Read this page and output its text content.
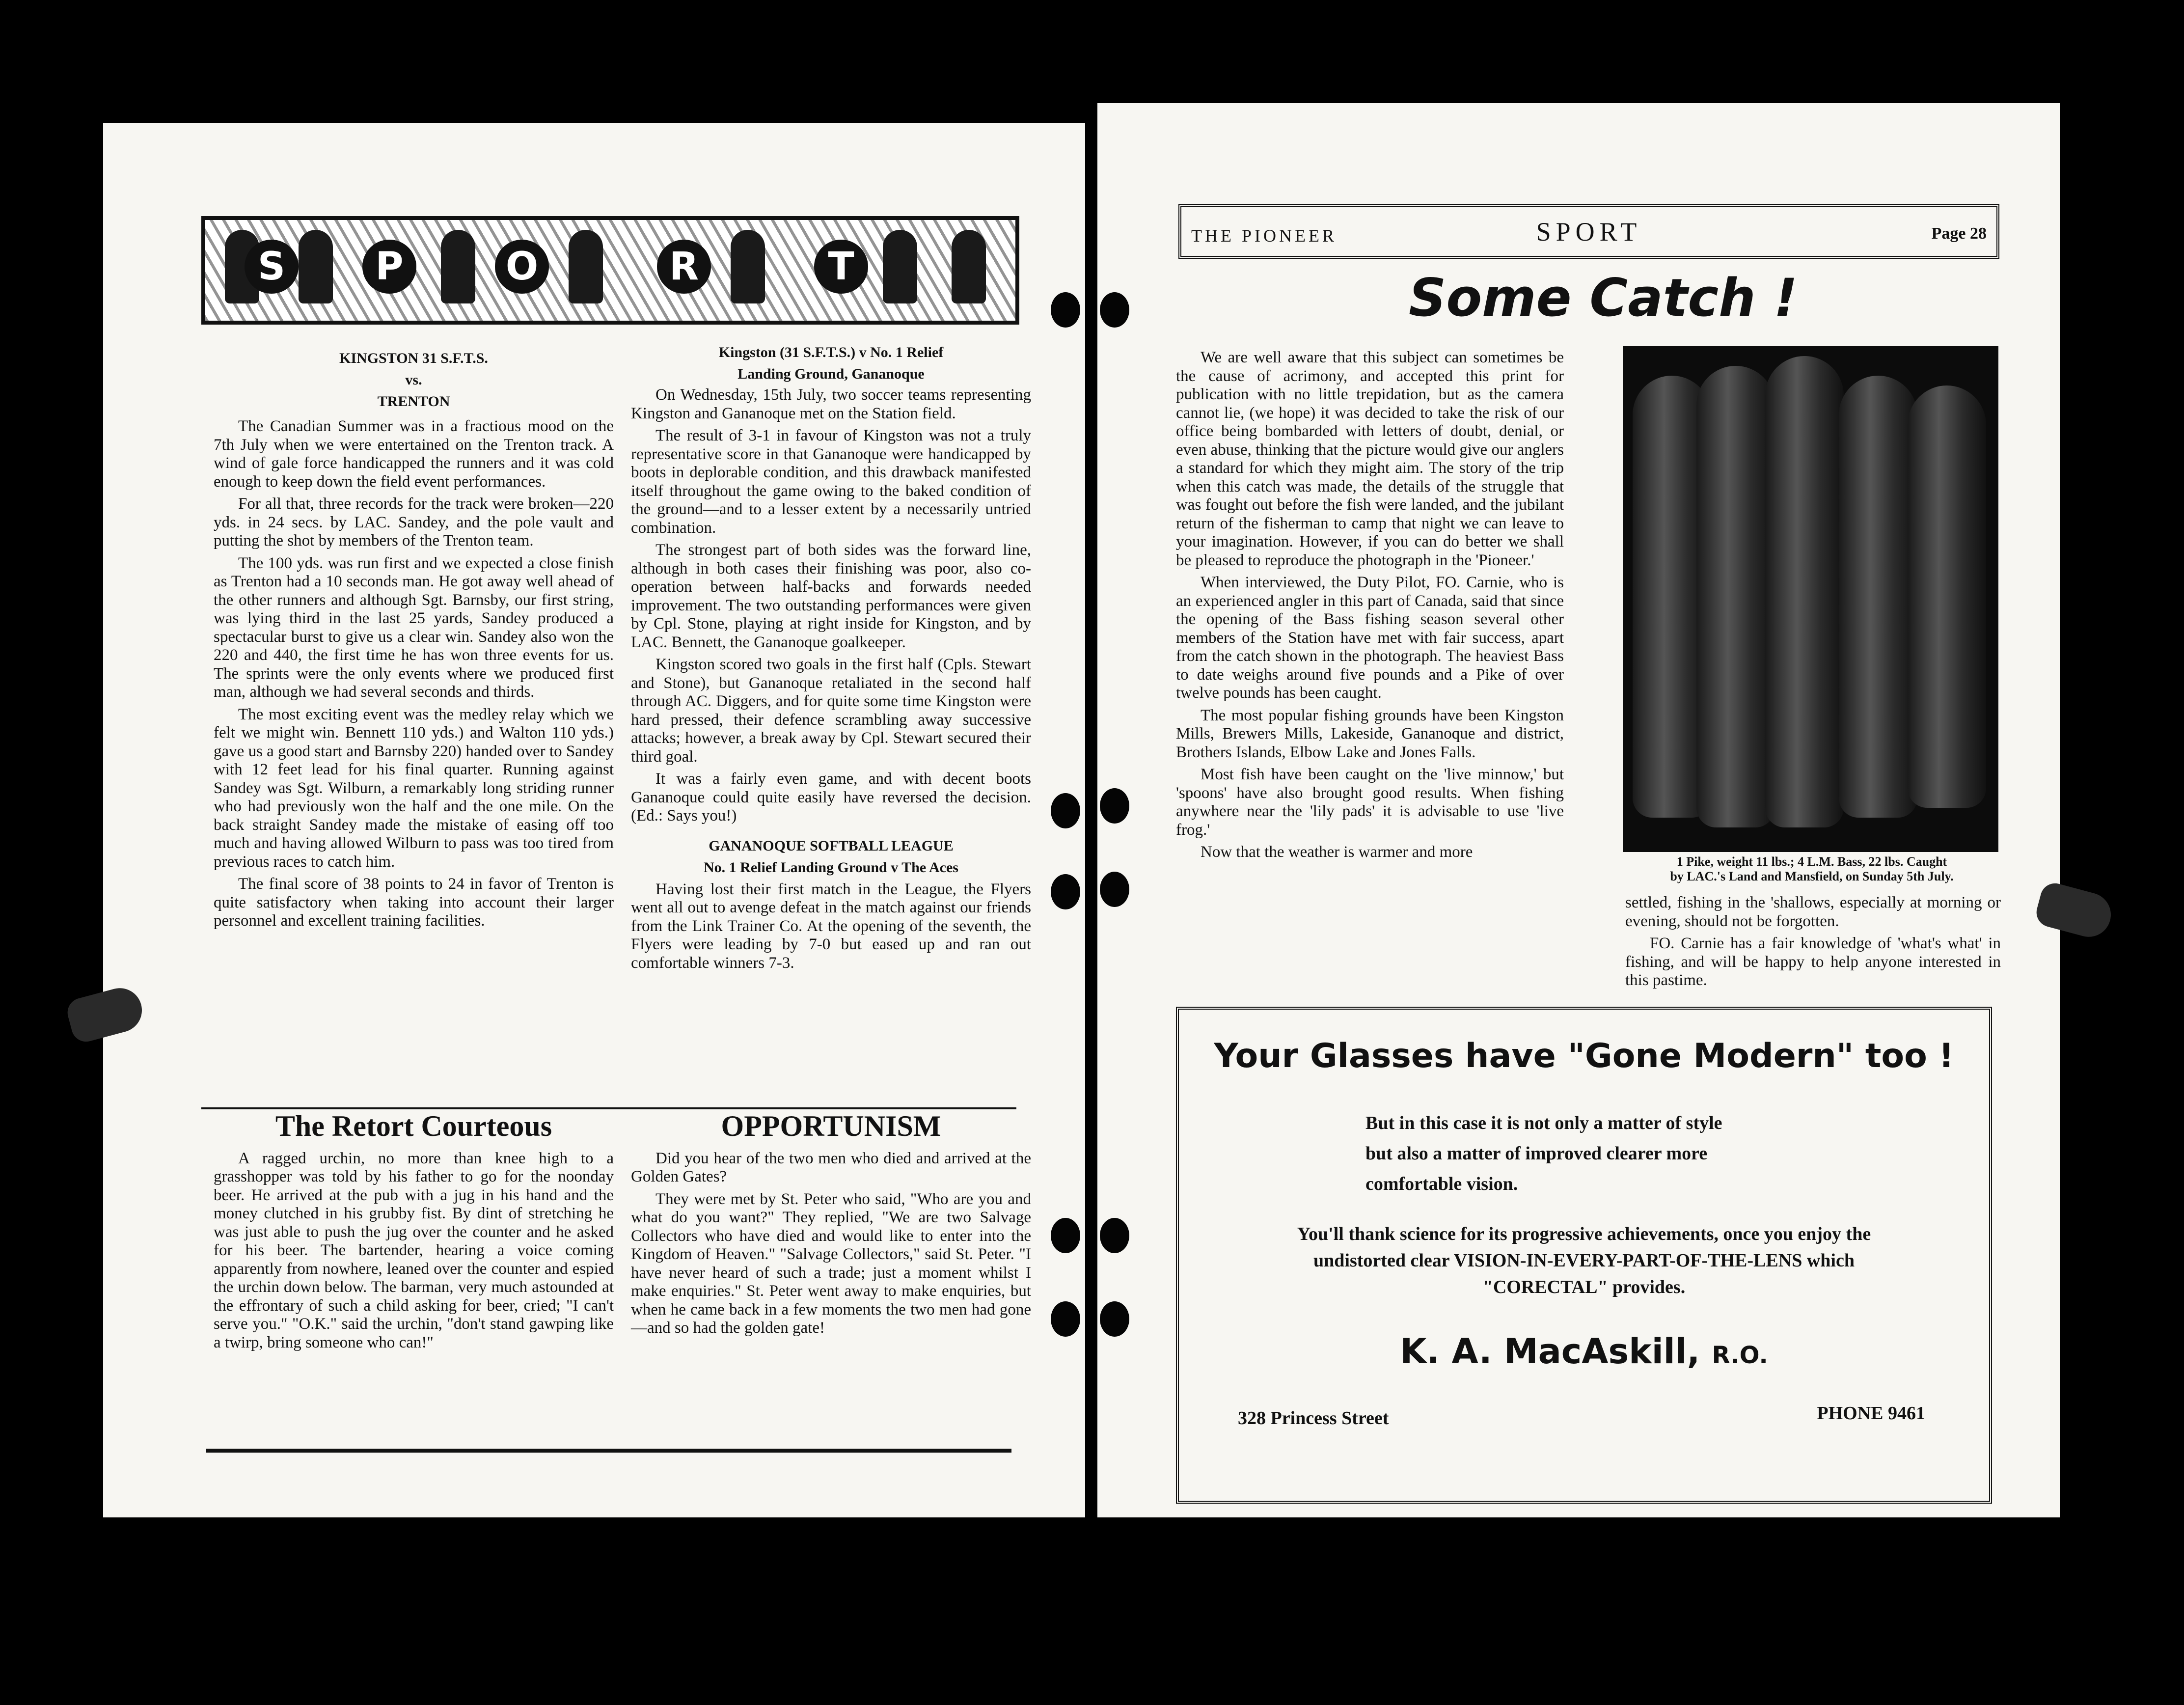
S	P	O	R	T

KINGSTON 31 S.F.T.S.

vs.

TRENTON

The Canadian Summer was in a fractious mood on the 7th July when we were entertained on the Trenton track. A wind of gale force handicapped the runners and it was cold enough to keep down the field event performances.

For all that, three records for the track were broken—220 yds. in 24 secs. by LAC. Sandey, and the pole vault and putting the shot by members of the Trenton team.

The 100 yds. was run first and we expected a close finish as Trenton had a 10 seconds man. He got away well ahead of the other runners and although Sgt. Barnsby, our first string, was lying third in the last 25 yards, Sandey produced a spectacular burst to give us a clear win. Sandey also won the 220 and 440, the first time he has won three events for us. The sprints were the only events where we produced first man, although we had several seconds and thirds.

The most exciting event was the medley relay which we felt we might win. Bennett 110 yds.) and Walton 110 yds.) gave us a good start and Barnsby 220) handed over to Sandey with 12 feet lead for his final quarter. Running against Sandey was Sgt. Wilburn, a remarkably long striding runner who had previously won the half and the one mile. On the back straight Sandey made the mistake of easing off too much and having allowed Wilburn to pass was too tired from previous races to catch him.

The final score of 38 points to 24 in favor of Trenton is quite satisfactory when taking into account their larger personnel and excellent training facilities.

Kingston (31 S.F.T.S.) v No. 1 Relief

Landing Ground, Gananoque

On Wednesday, 15th July, two soccer teams representing Kingston and Gananoque met on the Station field.

The result of 3-1 in favour of Kingston was not a truly representative score in that Gananoque were handicapped by boots in deplorable condition, and this drawback manifested itself throughout the game owing to the baked condition of the ground—and to a lesser extent by a necessarily untried combination.

The strongest part of both sides was the forward line, although in both cases their finishing was poor, also co-operation between half-backs and forwards needed improvement. The two outstanding performances were given by Cpl. Stone, playing at right inside for Kingston, and by LAC. Bennett, the Gananoque goalkeeper.

Kingston scored two goals in the first half (Cpls. Stewart and Stone), but Gananoque retaliated in the second half through AC. Diggers, and for quite some time Kingston were hard pressed, their defence scrambling away successive attacks; however, a break away by Cpl. Stewart secured their third goal.

It was a fairly even game, and with decent boots Gananoque could quite easily have reversed the decision. (Ed.: Says you!)

GANANOQUE SOFTBALL LEAGUE

No. 1 Relief Landing Ground v The Aces

Having lost their first match in the League, the Flyers went all out to avenge defeat in the match against our friends from the Link Trainer Co. At the opening of the seventh, the Flyers were leading by 7-0 but eased up and ran out comfortable winners 7-3.

The Retort Courteous

A ragged urchin, no more than knee high to a grasshopper was told by his father to go for the noonday beer. He arrived at the pub with a jug in his hand and the money clutched in his grubby fist. By dint of stretching he was just able to push the jug over the counter and he asked for his beer. The bartender, hearing a voice coming apparently from nowhere, leaned over the counter and espied the urchin down below. The barman, very much astounded at the effrontary of such a child asking for beer, cried; "I can't serve you." "O.K." said the urchin, "don't stand gawping like a twirp, bring someone who can!"

OPPORTUNISM

Did you hear of the two men who died and arrived at the Golden Gates?

They were met by St. Peter who said, "Who are you and what do you want?" They replied, "We are two Salvage Collectors who have died and would like to enter into the Kingdom of Heaven." "Salvage Collectors," said St. Peter. "I have never heard of such a trade; just a moment whilst I make enquiries." St. Peter went away to make enquiries, but when he came back in a few moments the two men had gone—and so had the golden gate!

THE PIONEER	SPORT	Page 28
Some Catch !

We are well aware that this subject can sometimes be the cause of acrimony, and accepted this print for publication with no little trepidation, but as the camera cannot lie, (we hope) it was decided to take the risk of our office being bombarded with letters of doubt, denial, or even abuse, thinking that the picture would give our anglers a standard for which they might aim. The story of the trip when this catch was made, the details of the struggle that was fought out before the fish were landed, and the jubilant return of the fisherman to camp that night we can leave to your imagination. However, if you can do better we shall be pleased to reproduce the photograph in the 'Pioneer.'

When interviewed, the Duty Pilot, FO. Carnie, who is an experienced angler in this part of Canada, said that since the opening of the Bass fishing season several other members of the Station have met with fair success, apart from the catch shown in the photograph. The heaviest Bass to date weighs around five pounds and a Pike of over twelve pounds has been caught.

The most popular fishing grounds have been Kingston Mills, Brewers Mills, Lakeside, Gananoque and district, Brothers Islands, Elbow Lake and Jones Falls.

Most fish have been caught on the 'live minnow,' but 'spoons' have also brought good results. When fishing anywhere near the 'lily pads' it is advisable to use 'live frog.'

Now that the weather is warmer and more

1 Pike, weight 11 lbs.; 4 L.M. Bass, 22 lbs. Caught
by LAC.'s Land and Mansfield, on Sunday 5th July.

settled, fishing in the 'shallows, especially at morning or evening, should not be forgotten.

FO. Carnie has a fair knowledge of 'what's what' in fishing, and will be happy to help anyone interested in this pastime.

Your Glasses have "Gone Modern" too !
But in this case it is not only a matter of style
but also a matter of improved clearer more
comfortable vision.
You'll thank science for its progressive achievements, once you enjoy the
undistorted clear VISION-IN-EVERY-PART-OF-THE-LENS which
"CORECTAL" provides.
K. A. MacAskill, R.O.
328 Princess Street	PHONE 9461
